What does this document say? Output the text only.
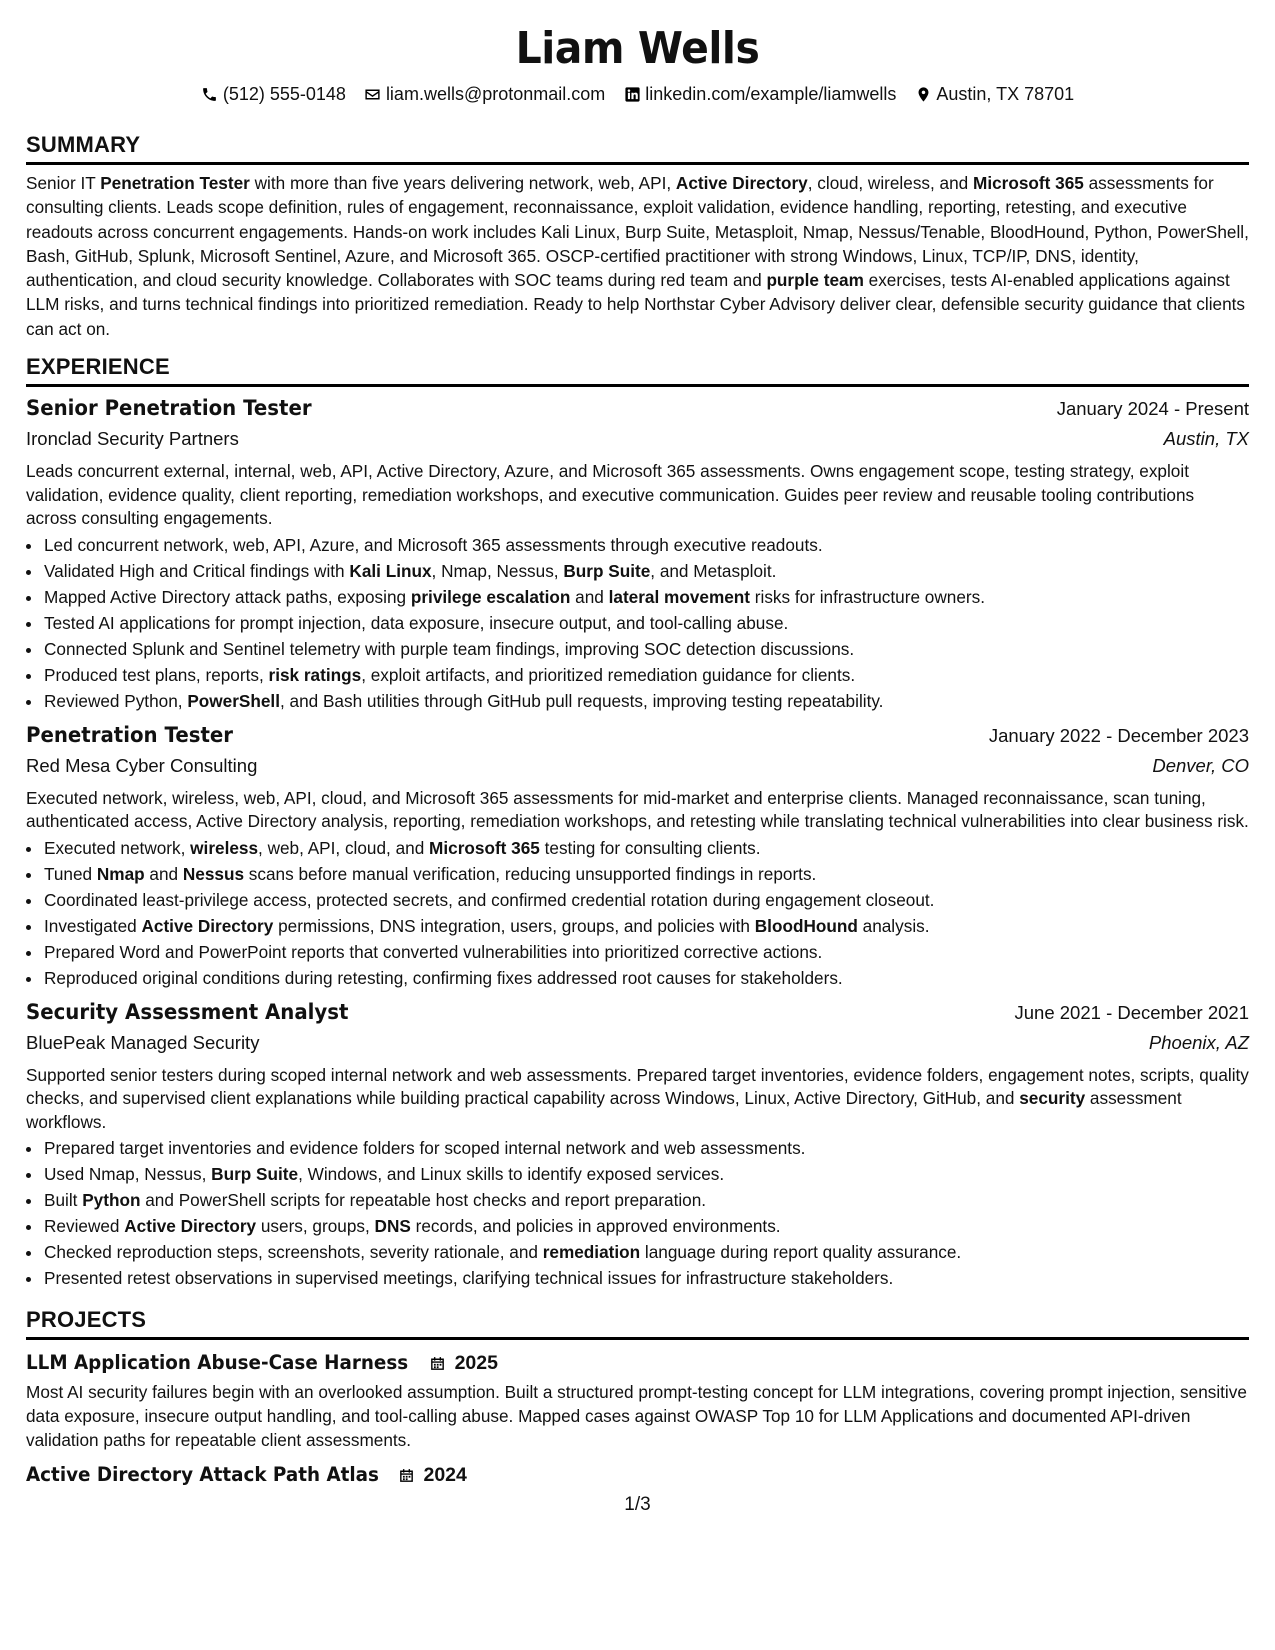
Liam Wells
(512) 555-0148 liam.wells@protonmail.com linkedin.com/example/liamwells Austin, TX 78701
SUMMARY

Senior IT Penetration Tester with more than five years delivering network, web, API, Active Directory, cloud, wireless, and Microsoft 365 assessments for consulting clients. Leads scope definition, rules of engagement, reconnaissance, exploit validation, evidence handling, reporting, retesting, and executive readouts across concurrent engagements. Hands-on work includes Kali Linux, Burp Suite, Metasploit, Nmap, Nessus/Tenable, BloodHound, Python, PowerShell, Bash, GitHub, Splunk, Microsoft Sentinel, Azure, and Microsoft 365. OSCP-certified practitioner with strong Windows, Linux, TCP/IP, DNS, identity, authentication, and cloud security knowledge. Collaborates with SOC teams during red team and purple team exercises, tests AI-enabled applications against LLM risks, and turns technical findings into prioritized remediation. Ready to help Northstar Cyber Advisory deliver clear, defensible security guidance that clients can act on.

EXPERIENCE
Senior Penetration Tester	January 2024 - Present
Ironclad Security Partners	Austin, TX
Leads concurrent external, internal, web, API, Active Directory, Azure, and Microsoft 365 assessments. Owns engagement scope, testing strategy, exploit validation, evidence quality, client reporting, remediation workshops, and executive communication. Guides peer review and reusable tooling contributions across consulting engagements.
• Led concurrent network, web, API, Azure, and Microsoft 365 assessments through executive readouts.
• Validated High and Critical findings with Kali Linux, Nmap, Nessus, Burp Suite, and Metasploit.
• Mapped Active Directory attack paths, exposing privilege escalation and lateral movement risks for infrastructure owners.
• Tested AI applications for prompt injection, data exposure, insecure output, and tool-calling abuse.
• Connected Splunk and Sentinel telemetry with purple team findings, improving SOC detection discussions.
• Produced test plans, reports, risk ratings, exploit artifacts, and prioritized remediation guidance for clients.
• Reviewed Python, PowerShell, and Bash utilities through GitHub pull requests, improving testing repeatability.
Penetration Tester	January 2022 - December 2023
Red Mesa Cyber Consulting	Denver, CO
Executed network, wireless, web, API, cloud, and Microsoft 365 assessments for mid-market and enterprise clients. Managed reconnaissance, scan tuning, authenticated access, Active Directory analysis, reporting, remediation workshops, and retesting while translating technical vulnerabilities into clear business risk.
• Executed network, wireless, web, API, cloud, and Microsoft 365 testing for consulting clients.
• Tuned Nmap and Nessus scans before manual verification, reducing unsupported findings in reports.
• Coordinated least-privilege access, protected secrets, and confirmed credential rotation during engagement closeout.
• Investigated Active Directory permissions, DNS integration, users, groups, and policies with BloodHound analysis.
• Prepared Word and PowerPoint reports that converted vulnerabilities into prioritized corrective actions.
• Reproduced original conditions during retesting, confirming fixes addressed root causes for stakeholders.
Security Assessment Analyst	June 2021 - December 2021
BluePeak Managed Security	Phoenix, AZ
Supported senior testers during scoped internal network and web assessments. Prepared target inventories, evidence folders, engagement notes, scripts, quality checks, and supervised client explanations while building practical capability across Windows, Linux, Active Directory, GitHub, and security assessment workflows.
• Prepared target inventories and evidence folders for scoped internal network and web assessments.
• Used Nmap, Nessus, Burp Suite, Windows, and Linux skills to identify exposed services.
• Built Python and PowerShell scripts for repeatable host checks and report preparation.
• Reviewed Active Directory users, groups, DNS records, and policies in approved environments.
• Checked reproduction steps, screenshots, severity rationale, and remediation language during report quality assurance.
• Presented retest observations in supervised meetings, clarifying technical issues for infrastructure stakeholders.
PROJECTS
LLM Application Abuse-Case Harness 2025
Most AI security failures begin with an overlooked assumption. Built a structured prompt-testing concept for LLM integrations, covering prompt injection, sensitive data exposure, insecure output handling, and tool-calling abuse. Mapped cases against OWASP Top 10 for LLM Applications and documented API-driven validation paths for repeatable client assessments.
Active Directory Attack Path Atlas 2024
1/3
